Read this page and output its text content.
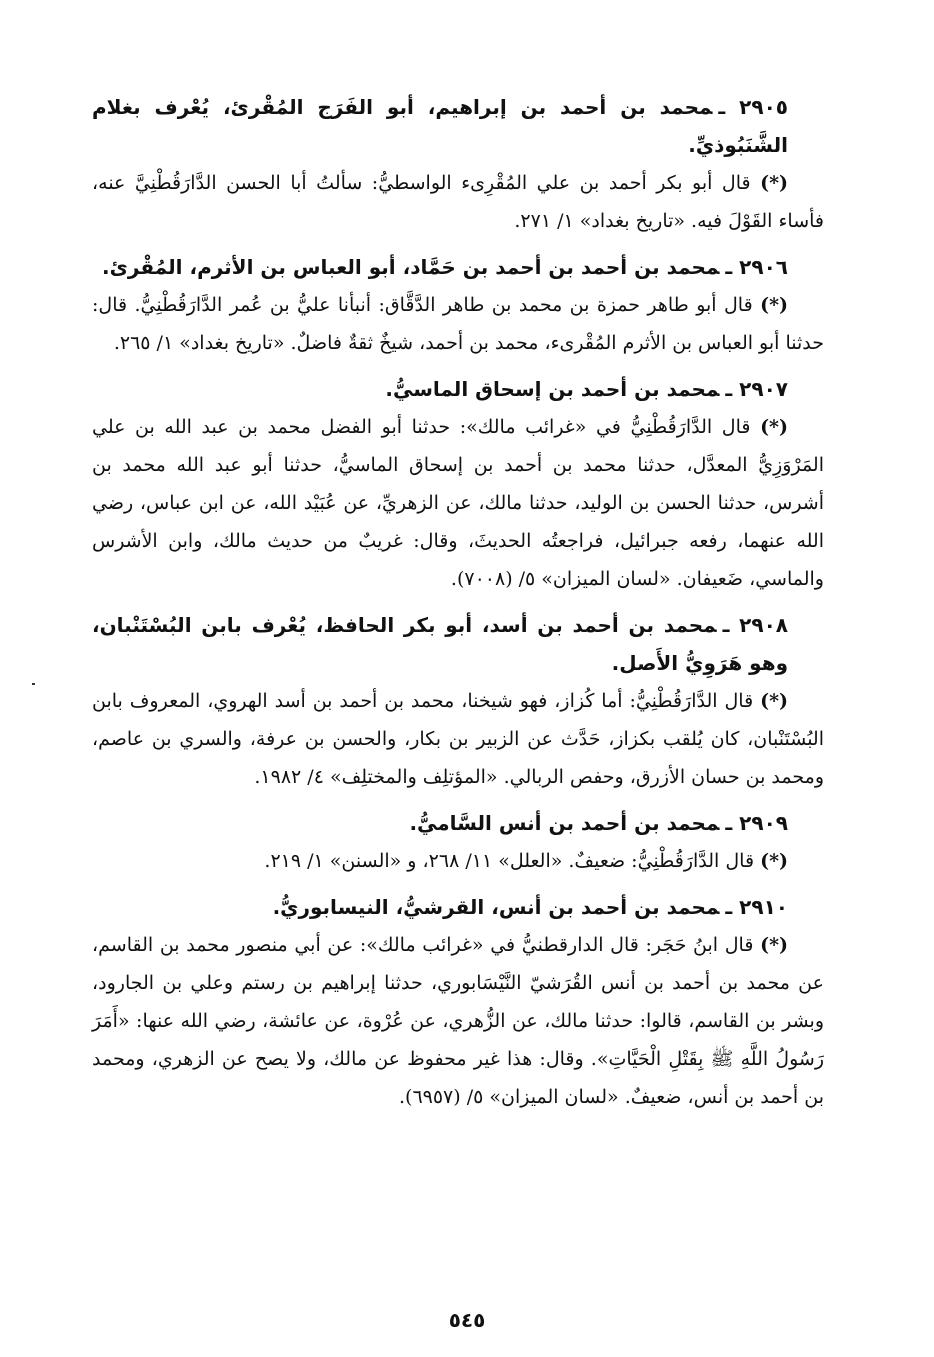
٢٩٠٥ ـمحمد بن أحمد بن إبراهيم، أبو الفَرَج المُقْرئ، يُعْرف بغلام الشَّنَبُوذيِّ.

(*) قال أبو بكر أحمد بن علي المُقْرِىء الواسطيُّ: سألتُ أبا الحسن الدَّارَقُطْنِيَّ عنه، فأساء القَوْلَ فيه. «تاريخ بغداد» ١/ ٢٧١.

٢٩٠٦ ـمحمد بن أحمد بن أحمد بن حَمَّاد، أبو العباس بن الأثرم، المُقْرئ.

(*) قال أبو طاهر حمزة بن محمد بن طاهر الدَّقَّاق: أنبأنا عليُّ بن عُمر الدَّارَقُطْنِيُّ. قال: حدثنا أبو العباس بن الأثرم المُقْرىء، محمد بن أحمد، شيخٌ ثقةٌ فاضلٌ. «تاريخ بغداد» ١/ ٢٦٥.

٢٩٠٧ ـمحمد بن أحمد بن إسحاق الماسيُّ.

(*) قال الدَّارَقُطْنِيُّ في «غرائب مالك»: حدثنا أبو الفضل محمد بن عبد الله بن علي المَرْوَزِيُّ المعدَّل، حدثنا محمد بن أحمد بن إسحاق الماسيُّ، حدثنا أبو عبد الله محمد بن أشرس، حدثنا الحسن بن الوليد، حدثنا مالك، عن الزهريِّ، عن عُبَيْد الله، عن ابن عباس، رضي الله عنهما، رفعه جبرائيل، فراجعتُه الحديثَ، وقال: غريبٌ من حديث مالك، وابن الأشرس والماسي، ضَعيفان. «لسان الميزان» ٥/ (٧٠٠٨).

٢٩٠٨ ـمحمد بن أحمد بن أسد، أبو بكر الحافظ، يُعْرف بابن البُسْتَنْبان، وهو هَرَوِيُّ الأَصل.

(*) قال الدَّارَقُطْنِيُّ: أما كُزاز، فهو شيخنا، محمد بن أحمد بن أسد الهروي، المعروف بابن البُسْتَنْبان، كان يُلقب بكزاز، حَدَّث عن الزبير بن بكار، والحسن بن عرفة، والسري بن عاصم، ومحمد بن حسان الأزرق، وحفص الربالي. «المؤتلِف والمختلِف» ٤/ ١٩٨٢.

٢٩٠٩ ـمحمد بن أحمد بن أنس السَّاميُّ.

(*) قال الدَّارَقُطْنِيُّ: ضعيفٌ. «العلل» ١١/ ٢٦٨، و «السنن» ١/ ٢١٩.

٢٩١٠ ـمحمد بن أحمد بن أنس، القرشيُّ، النيسابوريُّ.

(*) قال ابنُ حَجَر: قال الدارقطنيُّ في «غرائب مالك»: عن أبي منصور محمد بن القاسم، عن محمد بن أحمد بن أنس القُرَشيّ النَّيْسَابوري، حدثنا إبراهيم بن رستم وعلي بن الجارود، وبشر بن القاسم، قالوا: حدثنا مالك، عن الزُّهري، عن عُرْوة، عن عائشة، رضي الله عنها: «أَمَرَ رَسُولُ اللَّهِ ﷺ بِقَتْلِ الْحَيَّاتِ». وقال: هذا غير محفوظ عن مالك، ولا يصح عن الزهري، ومحمد بن أحمد بن أنس، ضعيفٌ. «لسان الميزان» ٥/ (٦٩٥٧).

٥٤٥
